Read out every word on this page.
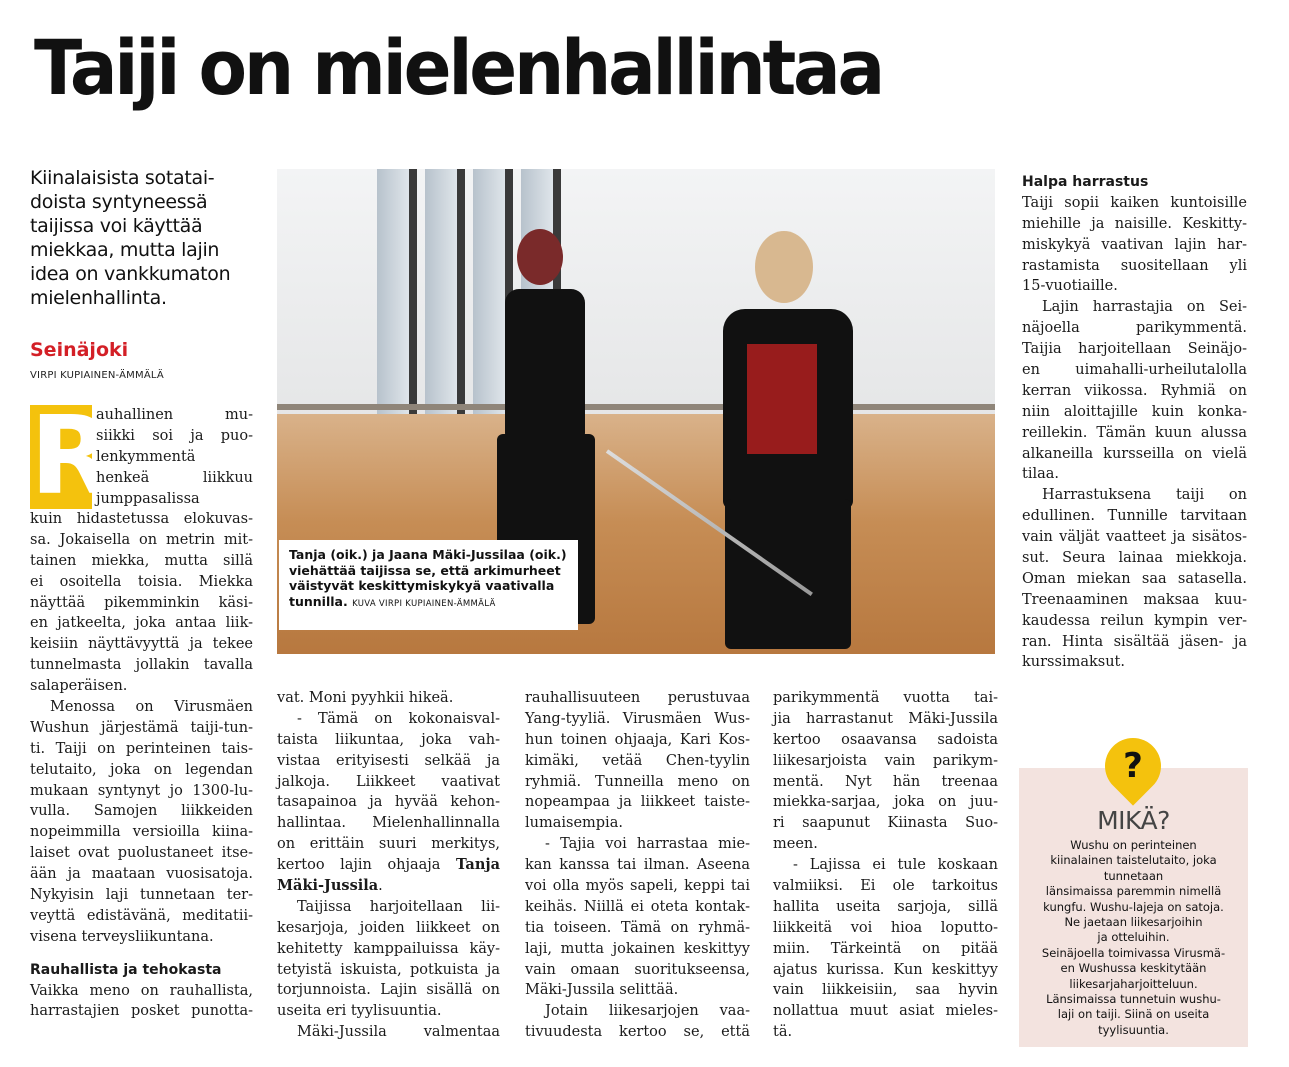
Taiji on mielenhallintaa
Kiinalaisista sotatai-
doista syntyneessä
taijissa voi käyttää
miekkaa, mutta lajin
idea on vankkumaton
mielenhallinta.
Seinäjoki
VIRPI KUPIAINEN-ÄMMÄLÄ
Tanja (oik.) ja Jaana Mäki-Jussilaa (oik.)
viehättää taijissa se, että arkimurheet
väistyvät keskittymiskykyä vaativalla
tunnilla. KUVA VIRPI KUPIAINEN-ÄMMÄLÄ
R
auhallinen mu-
siikki soi ja puo-
lenkymmentä
henkeä liikkuu
jumppasalissa
kuin hidastetussa elokuvas-
sa. Jokaisella on metrin mit-
tainen miekka, mutta sillä
ei osoitella toisia. Miekka
näyttää pikemminkin käsi-
en jatkeelta, joka antaa liik-
keisiin näyttävyyttä ja tekee
tunnelmasta jollakin tavalla
salaperäisen.
Menossa on Virusmäen
Wushun järjestämä taiji-tun-
ti. Taiji on perinteinen tais-
telutaito, joka on legendan
mukaan syntynyt jo 1300-lu-
vulla. Samojen liikkeiden
nopeimmilla versioilla kiina-
laiset ovat puolustaneet itse-
ään ja maataan vuosisatoja.
Nykyisin laji tunnetaan ter-
veyttä edistävänä, meditatii-
visena terveysliikuntana.
Rauhallista ja tehokasta
Vaikka meno on rauhallista,
harrastajien posket punotta-
vat. Moni pyyhkii hikeä.
- Tämä on kokonaisval-
taista liikuntaa, joka vah-
vistaa erityisesti selkää ja
jalkoja. Liikkeet vaativat
tasapainoa ja hyvää kehon-
hallintaa. Mielenhallinnalla
on erittäin suuri merkitys,
kertoo lajin ohjaaja Tanja
Mäki-Jussila.
Taijissa harjoitellaan lii-
kesarjoja, joiden liikkeet on
kehitetty kamppailuissa käy-
tetyistä iskuista, potkuista ja
torjunnoista. Lajin sisällä on
useita eri tyylisuuntia.
Mäki-Jussila valmentaa
rauhallisuuteen perustuvaa
Yang-tyyliä. Virusmäen Wus-
hun toinen ohjaaja, Kari Kos-
kimäki, vetää Chen-tyylin
ryhmiä. Tunneilla meno on
nopeampaa ja liikkeet taiste-
lumaisempia.
- Tajia voi harrastaa mie-
kan kanssa tai ilman. Aseena
voi olla myös sapeli, keppi tai
keihäs. Niillä ei oteta kontak-
tia toiseen. Tämä on ryhmä-
laji, mutta jokainen keskittyy
vain omaan suoritukseensa,
Mäki-Jussila selittää.
Jotain liikesarjojen vaa-
tivuudesta kertoo se, että
parikymmentä vuotta tai-
jia harrastanut Mäki-Jussila
kertoo osaavansa sadoista
liikesarjoista vain parikym-
mentä. Nyt hän treenaa
miekka-sarjaa, joka on juu-
ri saapunut Kiinasta Suo-
meen.
- Lajissa ei tule koskaan
valmiiksi. Ei ole tarkoitus
hallita useita sarjoja, sillä
liikkeitä voi hioa loputto-
miin. Tärkeintä on pitää
ajatus kurissa. Kun keskittyy
vain liikkeisiin, saa hyvin
nollattua muut asiat mieles-
tä.
Halpa harrastus
Taiji sopii kaiken kuntoisille
miehille ja naisille. Keskitty-
miskykyä vaativan lajin har-
rastamista suositellaan yli
15-vuotiaille.
Lajin harrastajia on Sei-
näjoella parikymmentä.
Taijia harjoitellaan Seinäjo-
en uimahalli-urheilutalolla
kerran viikossa. Ryhmiä on
niin aloittajille kuin konka-
reillekin. Tämän kuun alussa
alkaneilla kursseilla on vielä
tilaa.
Harrastuksena taiji on
edullinen. Tunnille tarvitaan
vain väljät vaatteet ja sisätos-
sut. Seura lainaa miekkoja.
Oman miekan saa satasella.
Treenaaminen maksaa kuu-
kaudessa reilun kympin ver-
ran. Hinta sisältää jäsen- ja
kurssimaksut.
?
MIKÄ?
Wushu on perinteinen
kiinalainen taistelutaito, joka
tunnetaan
länsimaissa paremmin nimellä
kungfu. Wushu-lajeja on satoja.
Ne jaetaan liikesarjoihin
ja otteluihin.
Seinäjoella toimivassa Virusmä-
en Wushussa keskitytään
liikesarjaharjoitteluun.
Länsimaissa tunnetuin wushu-
laji on taiji. Siinä on useita
tyylisuuntia.
